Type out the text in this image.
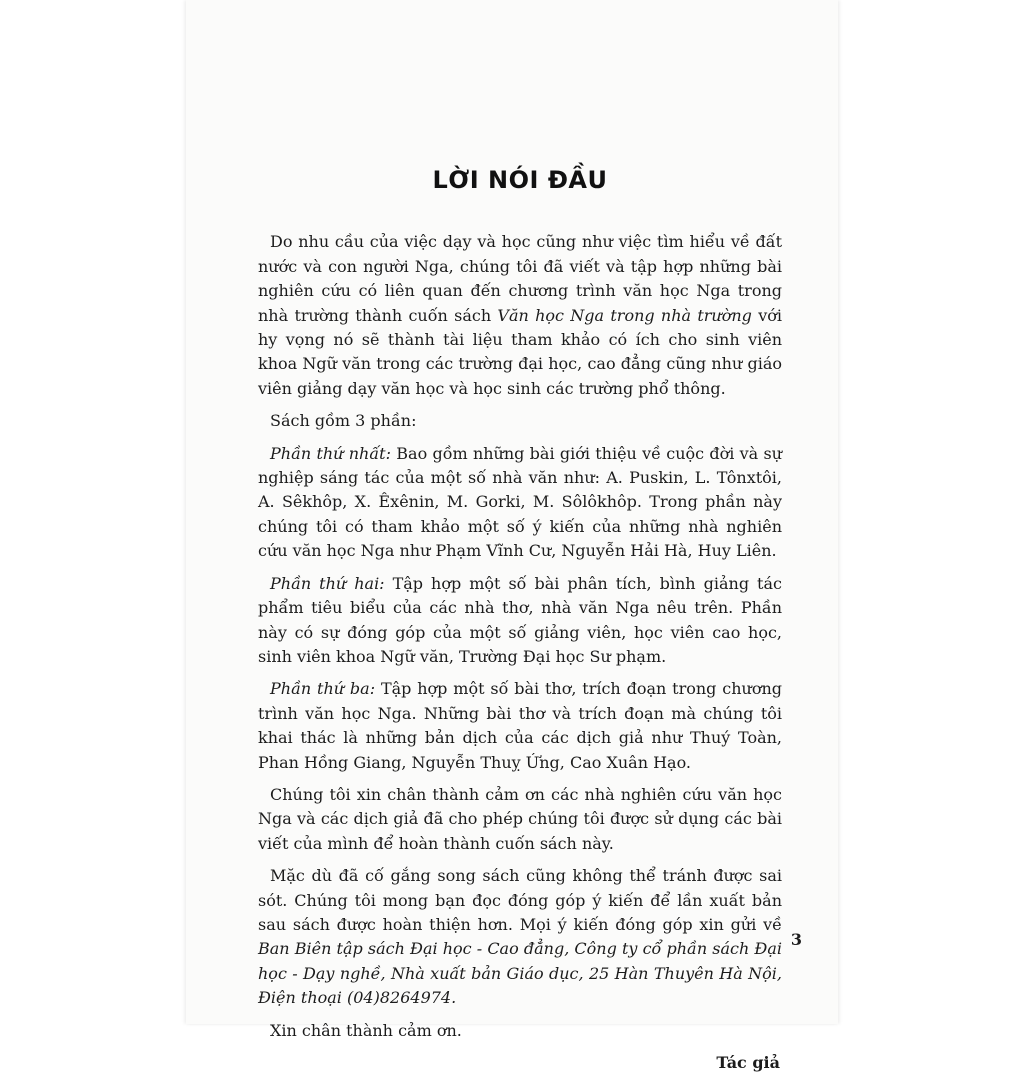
LỜI NÓI ĐẦU

Do nhu cầu của việc dạy và học cũng như việc tìm hiểu về đất nước và con người Nga, chúng tôi đã viết và tập hợp những bài nghiên cứu có liên quan đến chương trình văn học Nga trong nhà trường thành cuốn sách Văn học Nga trong nhà trường với hy vọng nó sẽ thành tài liệu tham khảo có ích cho sinh viên khoa Ngữ văn trong các trường đại học, cao đẳng cũng như giáo viên giảng dạy văn học và học sinh các trường phổ thông.

Sách gồm 3 phần:

Phần thứ nhất: Bao gồm những bài giới thiệu về cuộc đời và sự nghiệp sáng tác của một số nhà văn như: A. Puskin, L. Tônxtôi, A. Sêkhôp, X. Êxênin, M. Gorki, M. Sôlôkhôp. Trong phần này chúng tôi có tham khảo một số ý kiến của những nhà nghiên cứu văn học Nga như Phạm Vĩnh Cư, Nguyễn Hải Hà, Huy Liên.

Phần thứ hai: Tập hợp một số bài phân tích, bình giảng tác phẩm tiêu biểu của các nhà thơ, nhà văn Nga nêu trên. Phần này có sự đóng góp của một số giảng viên, học viên cao học, sinh viên khoa Ngữ văn, Trường Đại học Sư phạm.

Phần thứ ba: Tập hợp một số bài thơ, trích đoạn trong chương trình văn học Nga. Những bài thơ và trích đoạn mà chúng tôi khai thác là những bản dịch của các dịch giả như Thuý Toàn, Phan Hồng Giang, Nguyễn Thuỵ Ứng, Cao Xuân Hạo.

Chúng tôi xin chân thành cảm ơn các nhà nghiên cứu văn học Nga và các dịch giả đã cho phép chúng tôi được sử dụng các bài viết của mình để hoàn thành cuốn sách này.

Mặc dù đã cố gắng song sách cũng không thể tránh được sai sót. Chúng tôi mong bạn đọc đóng góp ý kiến để lần xuất bản sau sách được hoàn thiện hơn. Mọi ý kiến đóng góp xin gửi về Ban Biên tập sách Đại học - Cao đẳng, Công ty cổ phần sách Đại học - Dạy nghề, Nhà xuất bản Giáo dục, 25 Hàn Thuyên Hà Nội, Điện thoại (04)8264974.

Xin chân thành cảm ơn.

Tác giả
3
